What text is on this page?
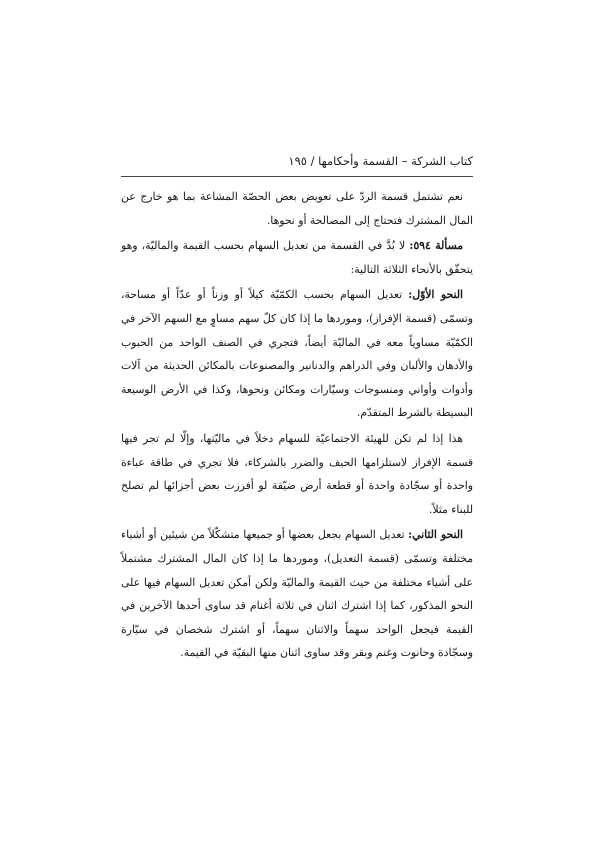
كتاب الشركة – القسمة وأحكامها / ١٩٥

نعم تشتمل قسمة الردّ على تعويض بعض الحصّة المشاعة بما هو خارج عن المال المشترك فتحتاج إلى المصالحة أو نحوها.

مسألة ٥٩٤: لا بُدَّ في القسمة من تعديل السهام بحسب القيمة والماليّة، وهو يتحقّق بالأنحاء الثلاثة التالية:

النحو الأوّل: تعديل السهام بحسب الكمّيّة كيلاً أو وزناً أو عدّاً أو مساحة، وتسمّى (قسمة الإفراز)، وموردها ما إذا كان كلّ سهم مساوٍ مع السهم الآخر في الكمّيّة مساوياً معه في الماليّة أيضاً، فتجري في الصنف الواحد من الحبوب والأدهان والألبان وفي الدراهم والدنانير والمصنوعات بالمكائن الحديثة من آلات وأدوات وأواني ومنسوجات وسيّارات ومكائن ونحوها، وكذا في الأرض الوسيعة البسيطة بالشرط المتقدّم.

هذا إذا لم تكن للهيئة الاجتماعيّة للسهام دخلاً في ماليّتها، وإلّا لم تجر فيها قسمة الإفراز لاستلزامها الحيف والضرر بالشركاء، فلا تجري في طاقة عباءة واحدة أو سجّادة واحدة أو قطعة أرض ضيّقة لو أفرزت بعض أجزائها لم تصلح للبناء مثلاً.

النحو الثاني: تعديل السهام بجعل بعضها أو جميعها متشكّلاً من شيئين أو أشياء مختلفة وتسمّى (قسمة التعديل)، وموردها ما إذا كان المال المشترك مشتملاً على أشياء مختلفة من حيث القيمة والماليّة ولكن أمكن تعديل السهام فيها على النحو المذكور، كما إذا اشترك اثنان في ثلاثة أغنام قد ساوى أحدها الآخرين في القيمة فيجعل الواحد سهماً والاثنان سهماً، أو اشترك شخصان في سيّارة وسجّادة وحانوت وغنم وبقر وقد ساوى اثنان منها البقيّة في القيمة.
